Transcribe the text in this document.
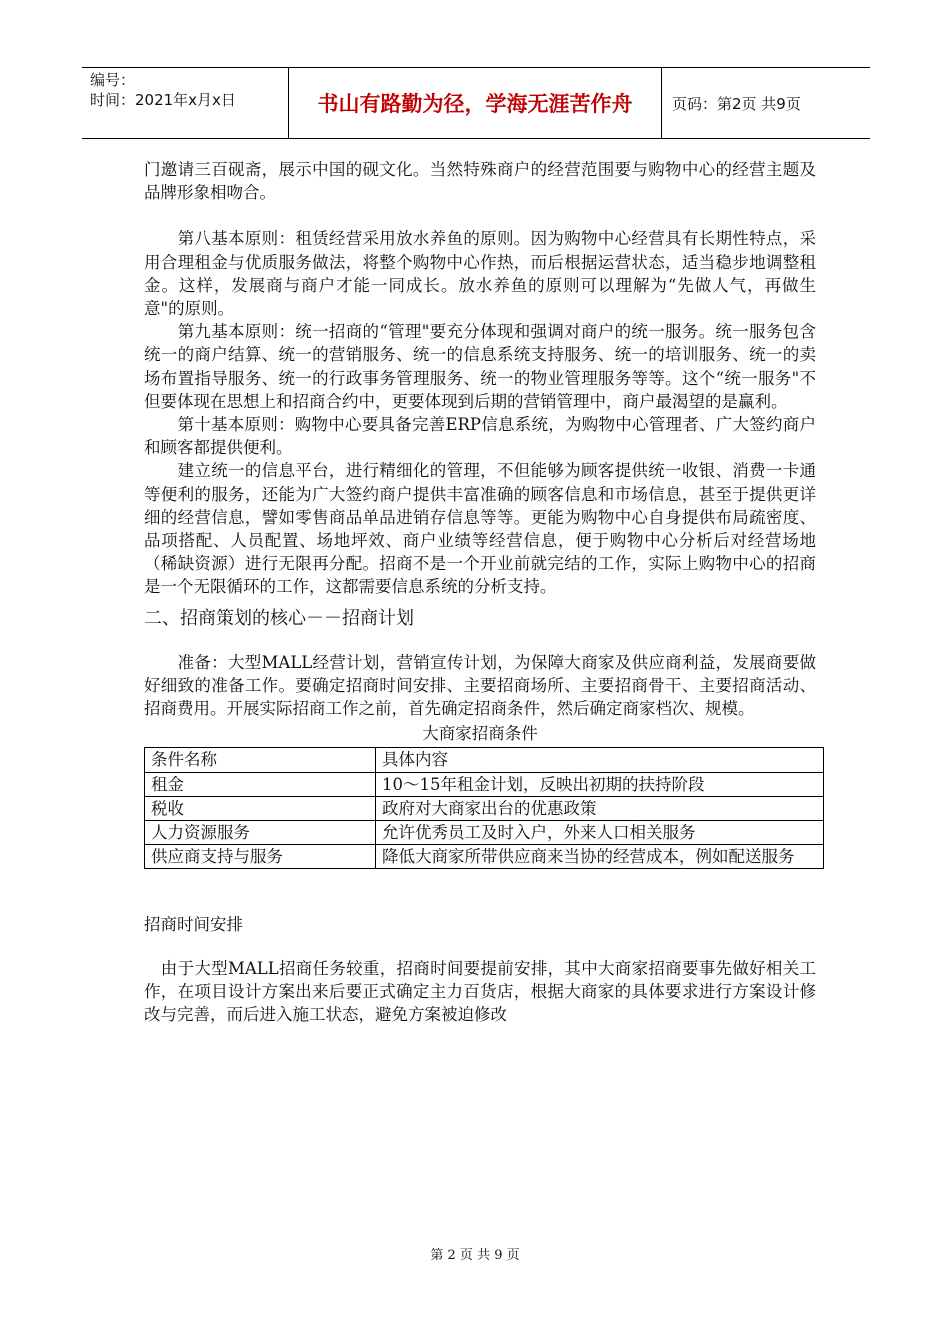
编号：
时间：2021年x月x日	书山有路勤为径，学海无涯苦作舟	页码：第2页 共9页

门邀请三百砚斋，展示中国的砚文化。当然特殊商户的经营范围要与购物中心的经营主题及品牌形象相吻合。

　　第八基本原则：租赁经营采用放水养鱼的原则。因为购物中心经营具有长期性特点，采用合理租金与优质服务做法，将整个购物中心作热，而后根据运营状态，适当稳步地调整租金。这样，发展商与商户才能一同成长。放水养鱼的原则可以理解为“先做人气，再做生意"的原则。

　　第九基本原则：统一招商的“管理"要充分体现和强调对商户的统一服务。统一服务包含统一的商户结算、统一的营销服务、统一的信息系统支持服务、统一的培训服务、统一的卖场布置指导服务、统一的行政事务管理服务、统一的物业管理服务等等。这个“统一服务"不但要体现在思想上和招商合约中，更要体现到后期的营销管理中，商户最渴望的是赢利。

　　第十基本原则：购物中心要具备完善ERP信息系统，为购物中心管理者、广大签约商户和顾客都提供便利。

　　建立统一的信息平台，进行精细化的管理，不但能够为顾客提供统一收银、消费一卡通等便利的服务，还能为广大签约商户提供丰富准确的顾客信息和市场信息，甚至于提供更详细的经营信息，譬如零售商品单品进销存信息等等。更能为购物中心自身提供布局疏密度、品项搭配、人员配置、场地坪效、商户业绩等经营信息，便于购物中心分析后对经营场地（稀缺资源）进行无限再分配。招商不是一个开业前就完结的工作，实际上购物中心的招商是一个无限循环的工作，这都需要信息系统的分析支持。

二、招商策划的核心－－招商计划

　　准备：大型MALL经营计划，营销宣传计划，为保障大商家及供应商利益，发展商要做好细致的准备工作。要确定招商时间安排、主要招商场所、主要招商骨干、主要招商活动、招商费用。开展实际招商工作之前，首先确定招商条件，然后确定商家档次、规模。

大商家招商条件

条件名称	具体内容
租金	10～15年租金计划，反映出初期的扶持阶段
税收	政府对大商家出台的优惠政策
人力资源服务	允许优秀员工及时入户，外来人口相关服务
供应商支持与服务	降低大商家所带供应商来当协的经营成本，例如配送服务

招商时间安排

　由于大型MALL招商任务较重，招商时间要提前安排，其中大商家招商要事先做好相关工作，在项目设计方案出来后要正式确定主力百货店，根据大商家的具体要求进行方案设计修改与完善，而后进入施工状态，避免方案被迫修改

第 2 页 共 9 页
